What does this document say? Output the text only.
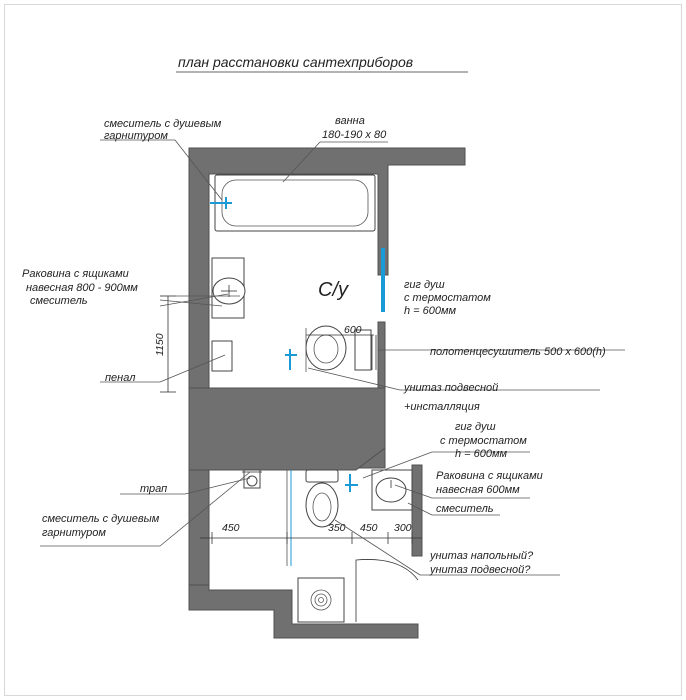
план расстановки сантехприборов
С/у
1150
600
450	350 450 300
смеситель с душевым
гарнитуром
ванна
180-190 x 80
Раковина с ящиками
навесная 800 - 900мм
смеситель
гиг душ
с термостатом
h = 600мм
полотенцесушитель 500 x 600(h)
пенал
унитаз подвесной
+инсталляция
гиг душ
с термостатом
h = 600мм
Раковина с ящиками
навесная 600мм
смеситель
трап
смеситель с душевым
гарнитуром
унитаз напольный?
унитаз подвесной?
